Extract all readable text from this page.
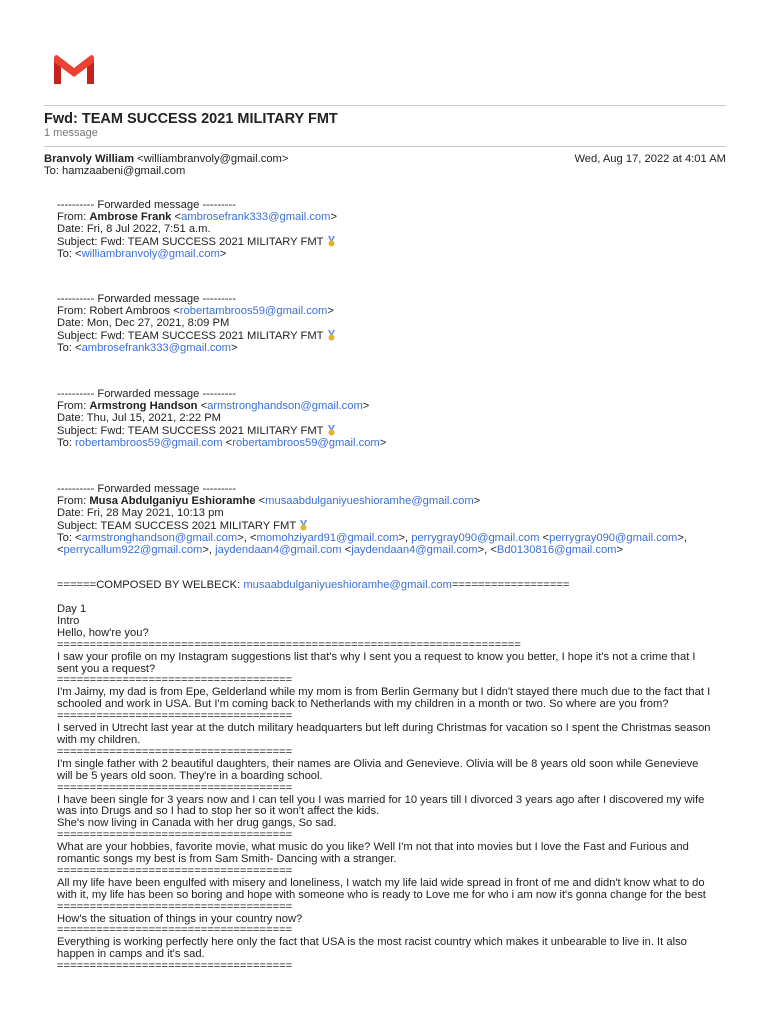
Fwd: TEAM SUCCESS 2021 MILITARY FMT
1 message
Branvoly William <williambranvoly@gmail.com>	Wed, Aug 17, 2022 at 4:01 AM
To: hamzaabeni@gmail.com
---------- Forwarded message ---------
From: Ambrose Frank <ambrosefrank333@gmail.com>
Date: Fri, 8 Jul 2022, 7:51 a.m.
Subject: Fwd: TEAM SUCCESS 2021 MILITARY FMT
To: <williambranvoly@gmail.com>
---------- Forwarded message ---------
From: Robert Ambroos <robertambroos59@gmail.com>
Date: Mon, Dec 27, 2021, 8:09 PM
Subject: Fwd: TEAM SUCCESS 2021 MILITARY FMT
To: <ambrosefrank333@gmail.com>
---------- Forwarded message ---------
From: Armstrong Handson <armstronghandson@gmail.com>
Date: Thu, Jul 15, 2021, 2:22 PM
Subject: Fwd: TEAM SUCCESS 2021 MILITARY FMT
To: robertambroos59@gmail.com <robertambroos59@gmail.com>
---------- Forwarded message ---------
From: Musa Abdulganiyu Eshioramhe <musaabdulganiyueshioramhe@gmail.com>
Date: Fri, 28 May 2021, 10:13 pm
Subject: TEAM SUCCESS 2021 MILITARY FMT
To: <armstronghandson@gmail.com>, <momohziyard91@gmail.com>, perrygray090@gmail.com <perrygray090@gmail.com>,
<perrycallum922@gmail.com>, jaydendaan4@gmail.com <jaydendaan4@gmail.com>, <Bd0130816@gmail.com>
======COMPOSED BY WELBECK: musaabdulganiyueshioramhe@gmail.com==================
Day 1
Intro
Hello, how're you?
=======================================================================
I saw your profile on my Instagram suggestions list that's why I sent you a request to know you better, I hope it's not a crime that I sent you a request?
====================================
I'm Jaimy, my dad is from Epe, Gelderland while my mom is from Berlin Germany but I didn't stayed there much due to the fact that I schooled and work in USA. But I'm coming back to Netherlands with my children in a month or two. So where are you from?
====================================
I served in Utrecht last year at the dutch military headquarters but left during Christmas for vacation so I spent the Christmas season with my children.
====================================
I'm single father with 2 beautiful daughters, their names are Olivia and Genevieve. Olivia will be 8 years old soon while Genevieve will be 5 years old soon. They're in a boarding school.
====================================
I have been single for 3 years now and I can tell you I was married for 10 years till I divorced 3 years ago after I discovered my wife was into Drugs and so I had to stop her so it won't affect the kids.
She's now living in Canada with her drug gangs, So sad.
====================================
What are your hobbies, favorite movie, what music do you like? Well I'm not that into movies but I love the Fast and Furious and romantic songs my best is from Sam Smith- Dancing with a stranger.
====================================
All my life have been engulfed with misery and loneliness, I watch my life laid wide spread in front of me and didn't know what to do with it, my life has been so boring and hope with someone who is ready to Love me for who i am now it's gonna change for the best
====================================
How's the situation of things in your country now?
====================================
Everything is working perfectly here only the fact that USA is the most racist country which makes it unbearable to live in. It also happen in camps and it's sad.
====================================
